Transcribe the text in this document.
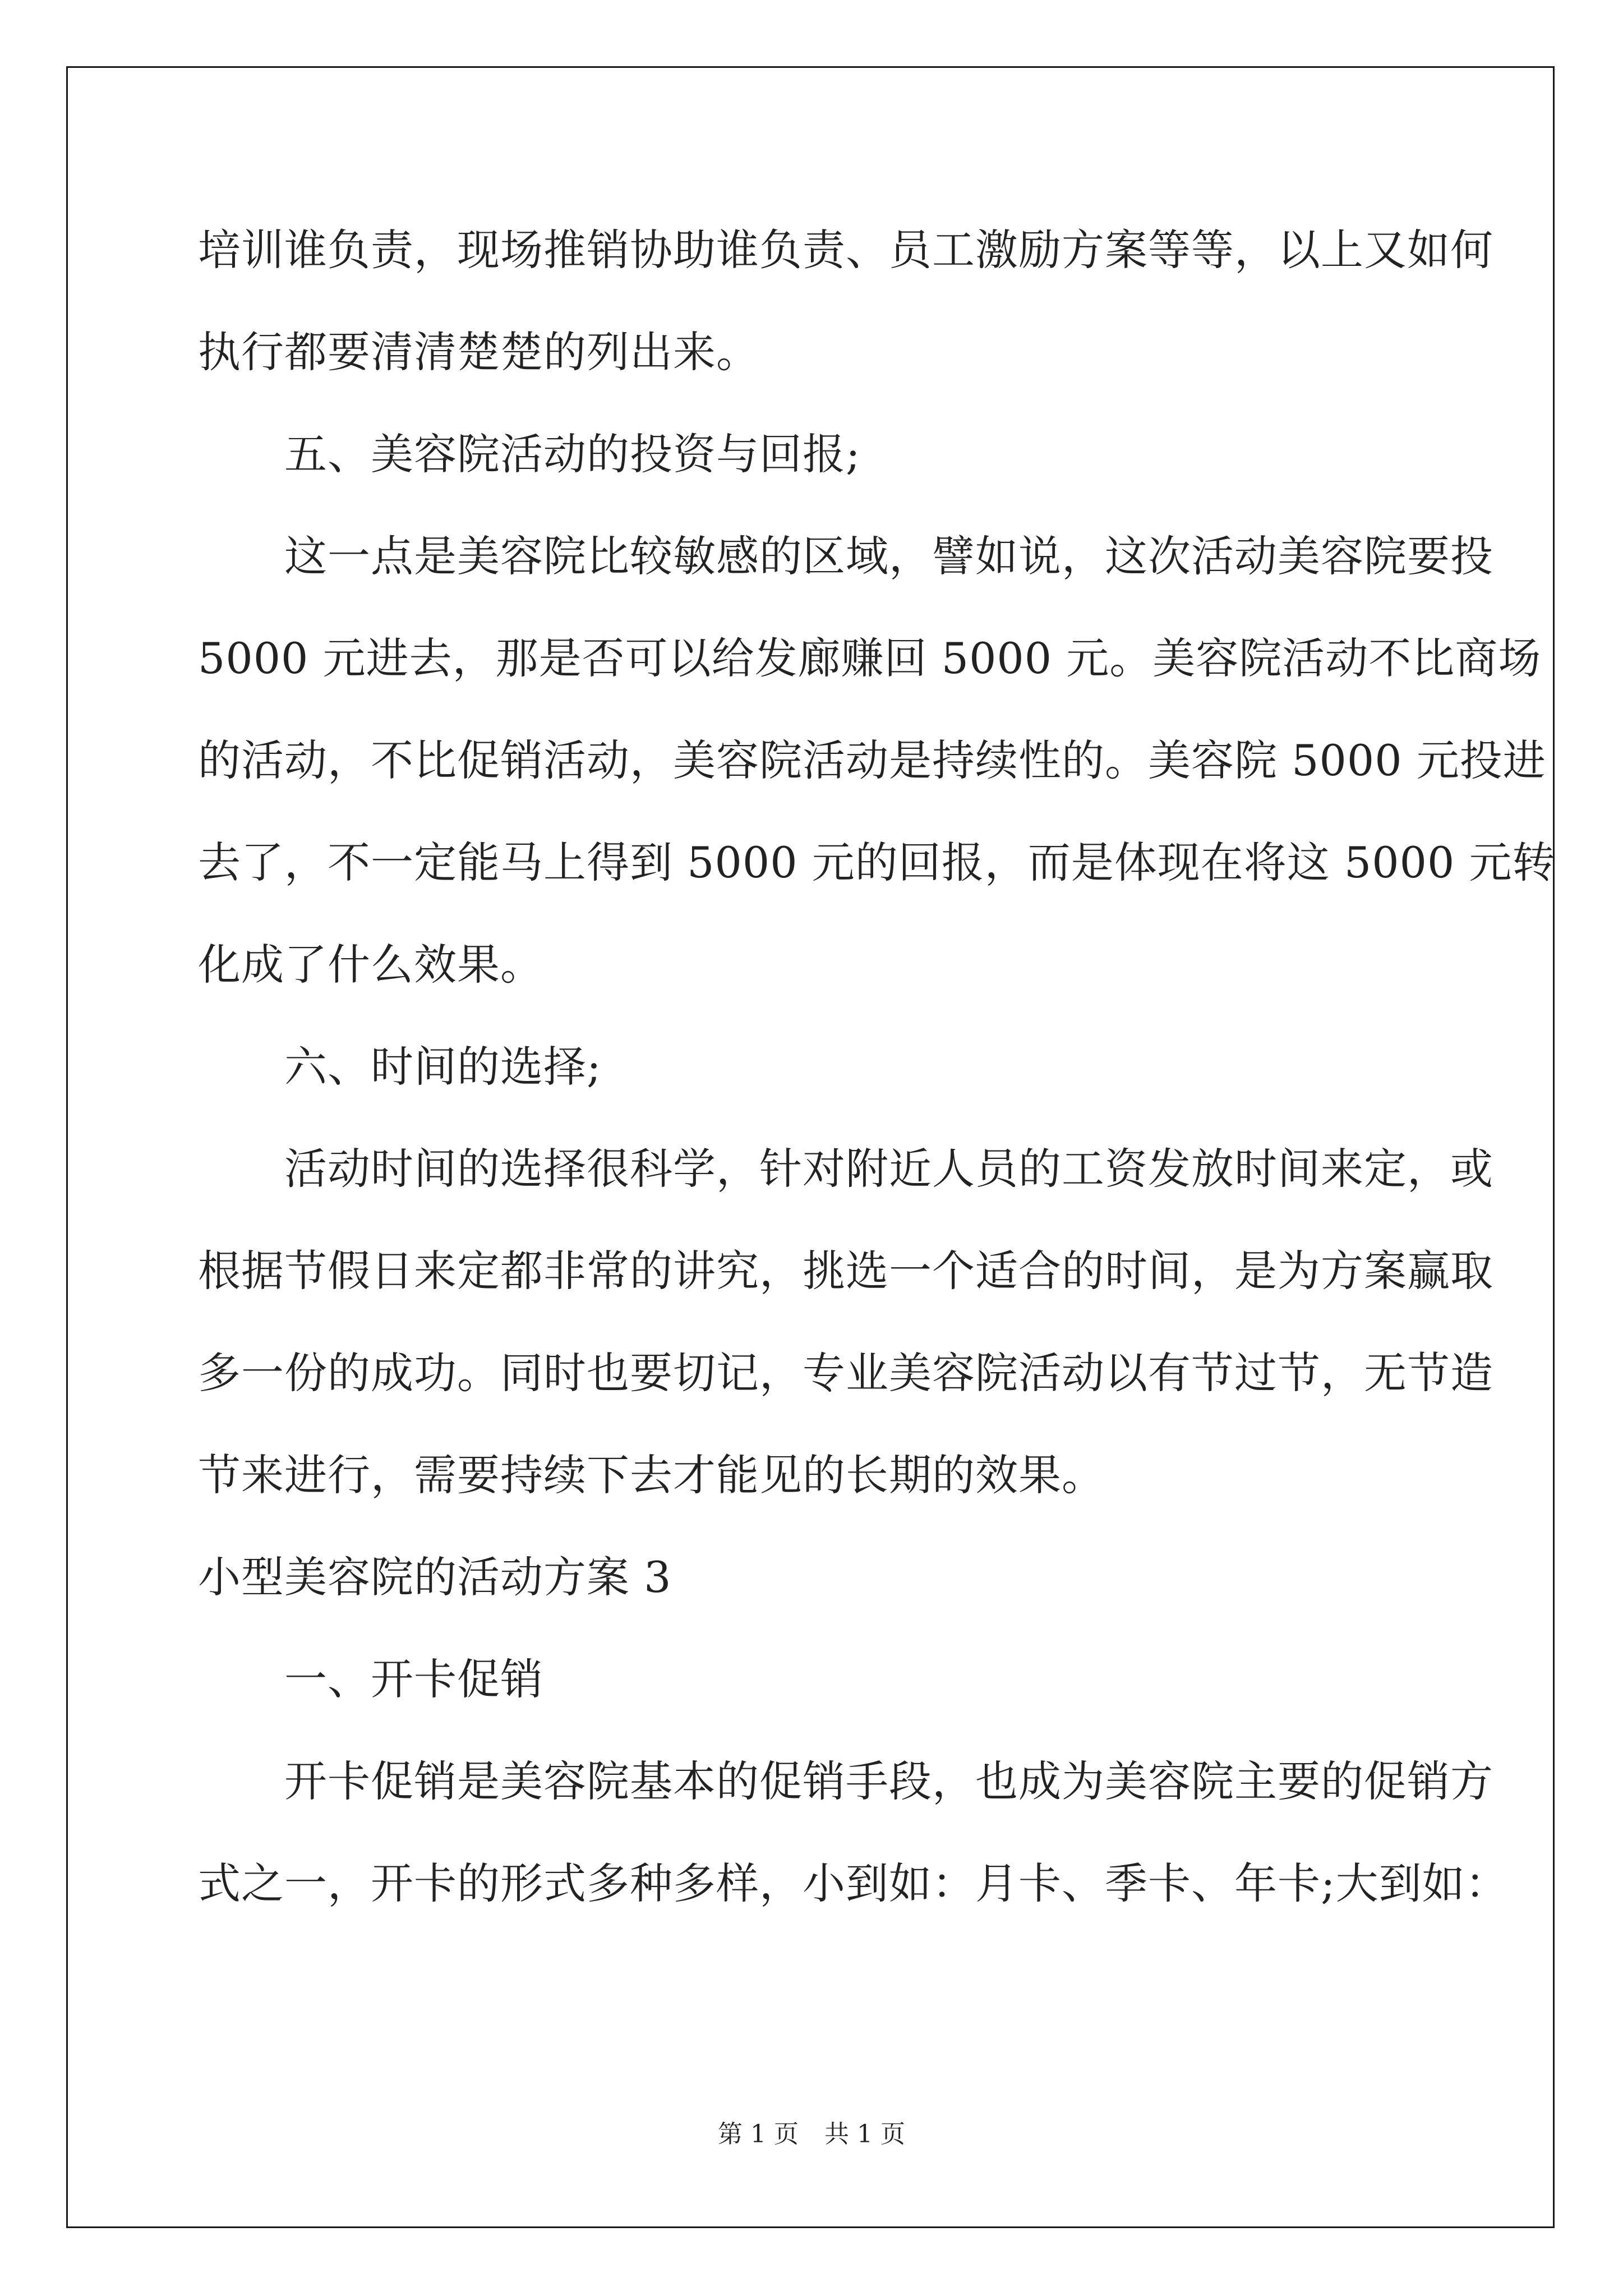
培训谁负责，现场推销协助谁负责、员工激励方案等等，以上又如何
执行都要清清楚楚的列出来。
五、美容院活动的投资与回报;
这一点是美容院比较敏感的区域，譬如说，这次活动美容院要投
5000 元进去，那是否可以给发廊赚回 5000 元。美容院活动不比商场
的活动，不比促销活动，美容院活动是持续性的。美容院 5000 元投进
去了，不一定能马上得到 5000 元的回报，而是体现在将这 5000 元转
化成了什么效果。
六、时间的选择;
活动时间的选择很科学，针对附近人员的工资发放时间来定，或
根据节假日来定都非常的讲究，挑选一个适合的时间，是为方案赢取
多一份的成功。同时也要切记，专业美容院活动以有节过节，无节造
节来进行，需要持续下去才能见的长期的效果。
小型美容院的活动方案 3
一、开卡促销
开卡促销是美容院基本的促销手段，也成为美容院主要的促销方
式之一，开卡的形式多种多样，小到如：月卡、季卡、年卡;大到如：
第 1 页 共 1 页
